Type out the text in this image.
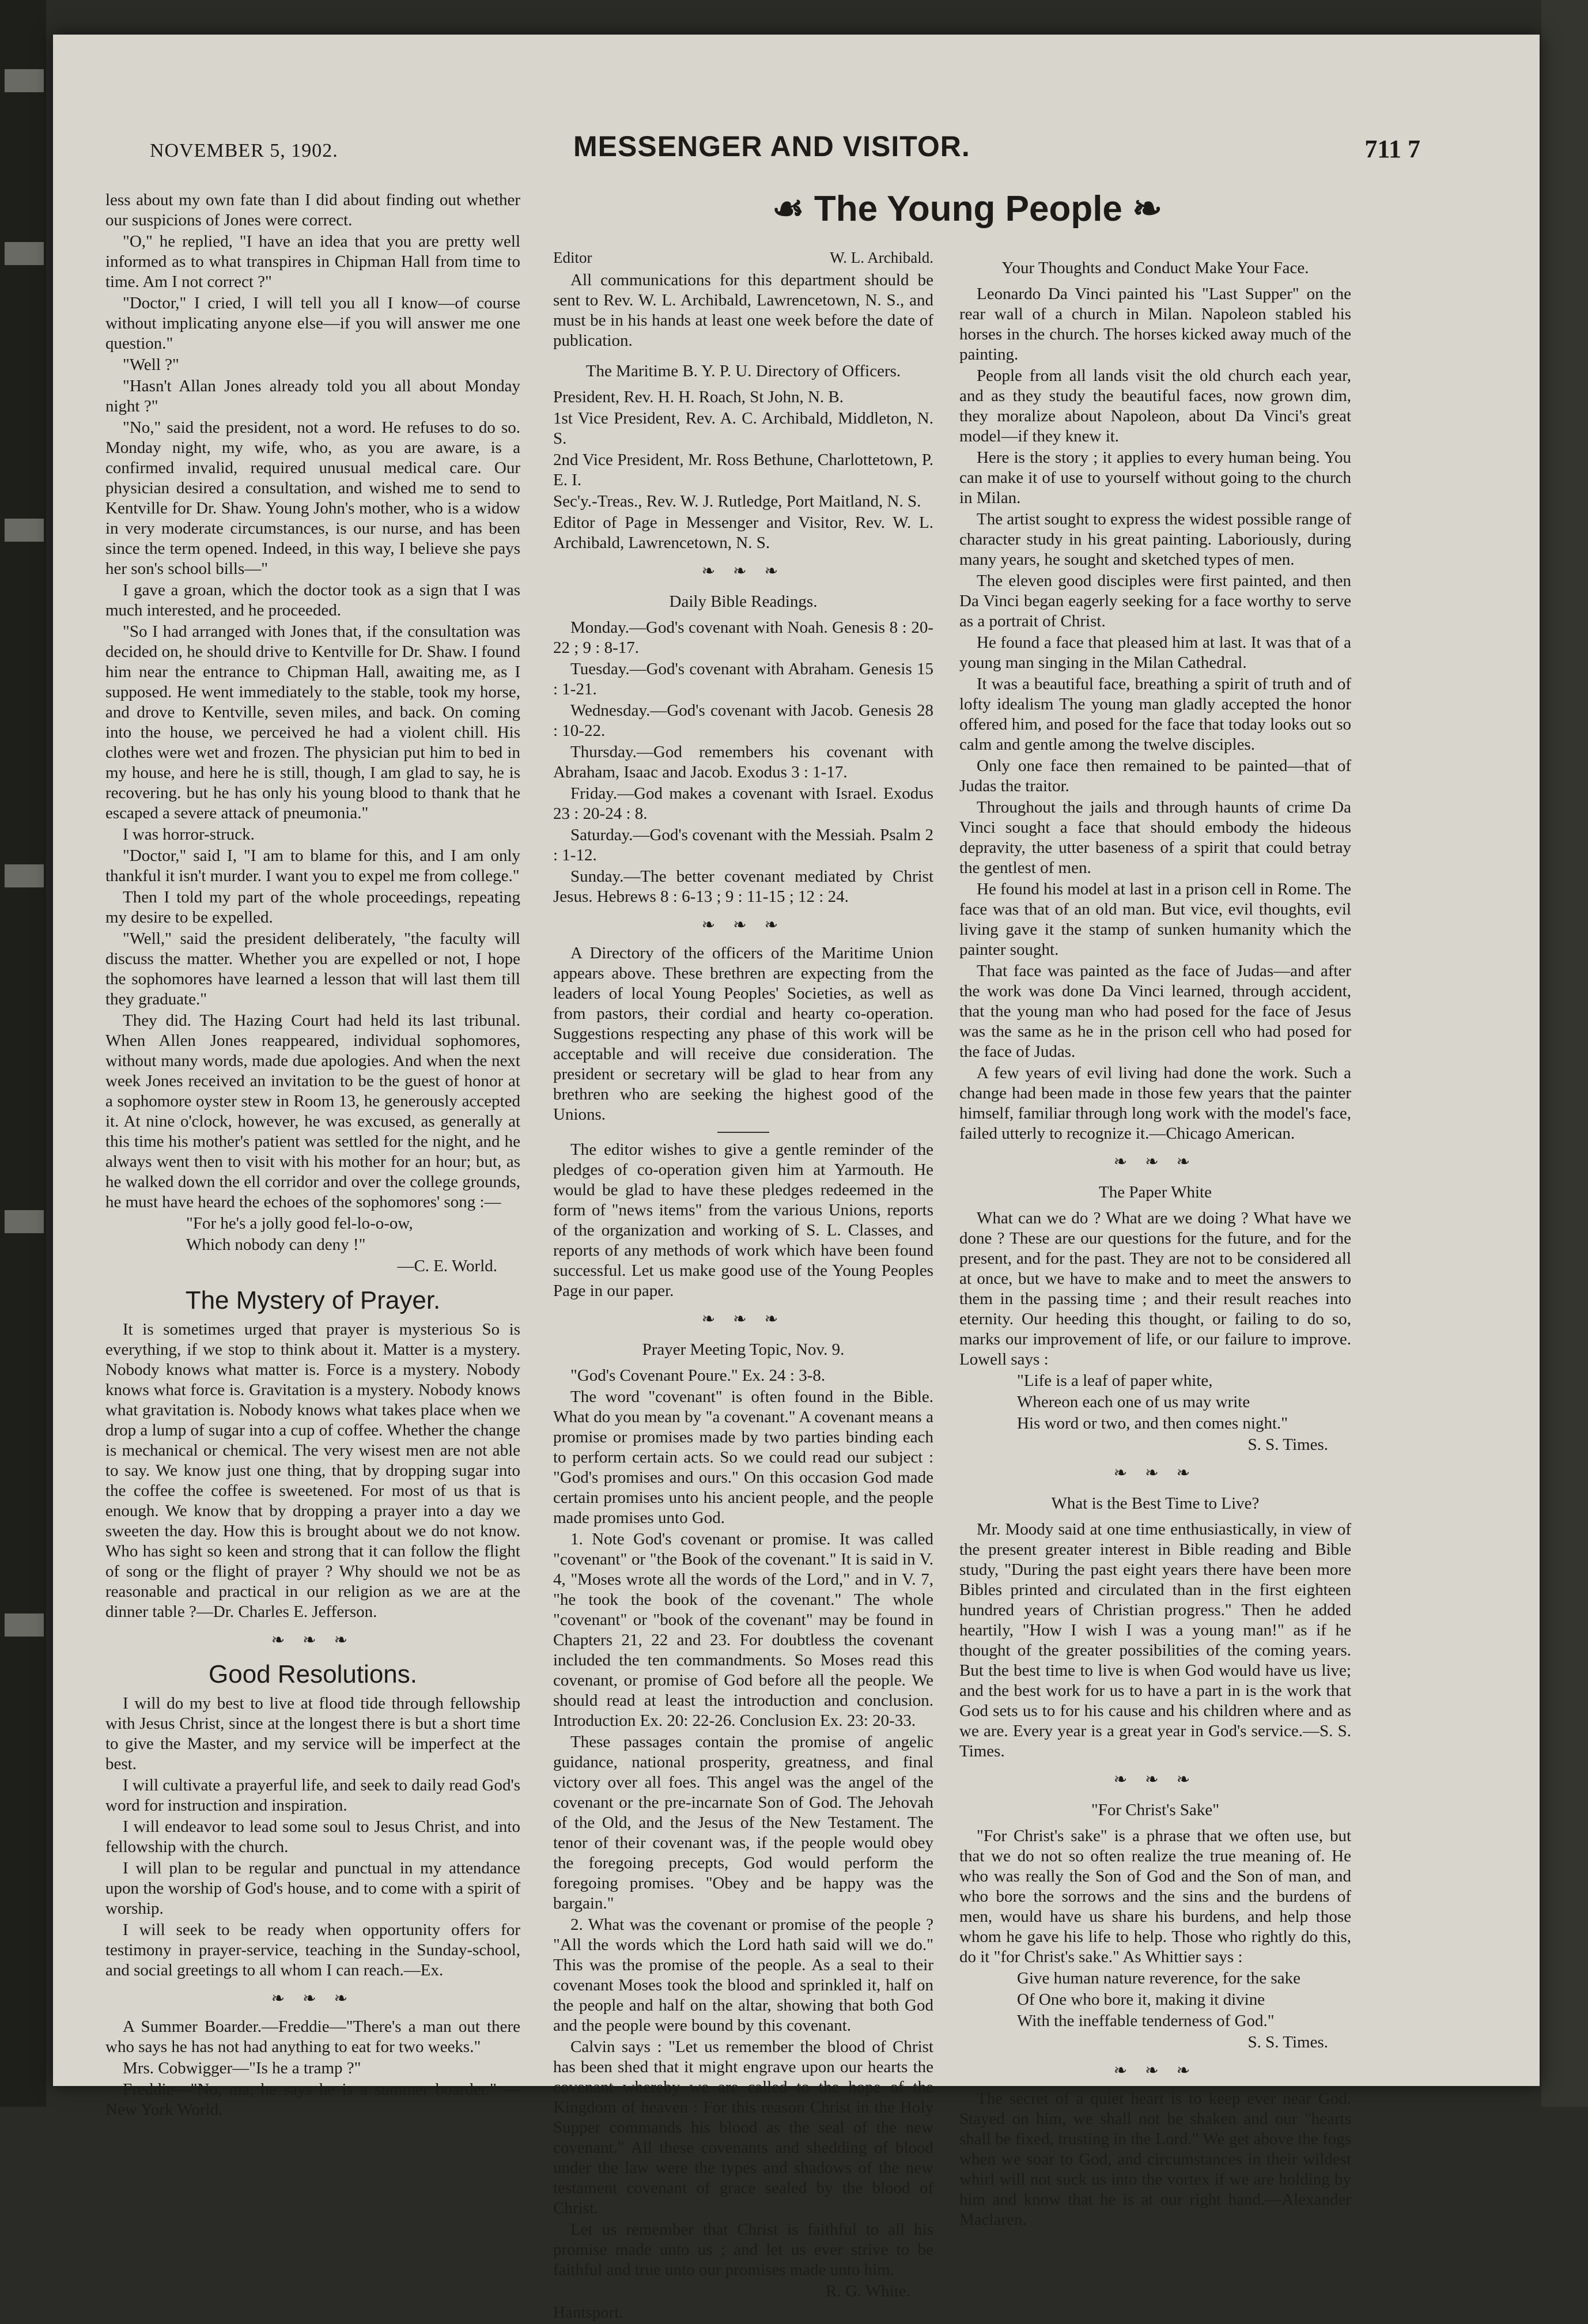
NOVEMBER 5, 1902.	MESSENGER AND VISITOR.	711 7
☙ The Young People ❧

less about my own fate than I did about finding out whether our suspicions of Jones were correct.

"O," he replied, "I have an idea that you are pretty well informed as to what transpires in Chipman Hall from time to time. Am I not correct ?"

"Doctor," I cried, I will tell you all I know—of course without implicating anyone else—if you will answer me one question."

"Well ?"

"Hasn't Allan Jones already told you all about Monday night ?"

"No," said the president, not a word. He refuses to do so. Monday night, my wife, who, as you are aware, is a confirmed invalid, required unusual medical care. Our physician desired a consultation, and wished me to send to Kentville for Dr. Shaw. Young John's mother, who is a widow in very moderate circumstances, is our nurse, and has been since the term opened. Indeed, in this way, I believe she pays her son's school bills—"

I gave a groan, which the doctor took as a sign that I was much interested, and he proceeded.

"So I had arranged with Jones that, if the consultation was decided on, he should drive to Kentville for Dr. Shaw. I found him near the entrance to Chipman Hall, awaiting me, as I supposed. He went immediately to the stable, took my horse, and drove to Kentville, seven miles, and back. On coming into the house, we perceived he had a violent chill. His clothes were wet and frozen. The physician put him to bed in my house, and here he is still, though, I am glad to say, he is recovering. but he has only his young blood to thank that he escaped a severe attack of pneumonia."

I was horror-struck.

"Doctor," said I, "I am to blame for this, and I am only thankful it isn't murder. I want you to expel me from college."

Then I told my part of the whole proceedings, repeating my desire to be expelled.

"Well," said the president deliberately, "the faculty will discuss the matter. Whether you are expelled or not, I hope the sophomores have learned a lesson that will last them till they graduate."

They did. The Hazing Court had held its last tribunal. When Allen Jones reappeared, individual sophomores, without many words, made due apologies. And when the next week Jones received an invitation to be the guest of honor at a sophomore oyster stew in Room 13, he generously accepted it. At nine o'clock, however, he was excused, as generally at this time his mother's patient was settled for the night, and he always went then to visit with his mother for an hour; but, as he walked down the ell corridor and over the college grounds, he must have heard the echoes of the sophomores' song :—

"For he's a jolly good fel-lo-o-ow,

Which nobody can deny !"

—C. E. World.

The Mystery of Prayer.

It is sometimes urged that prayer is mysterious So is everything, if we stop to think about it. Matter is a mystery. Nobody knows what matter is. Force is a mystery. Nobody knows what force is. Gravitation is a mystery. Nobody knows what gravitation is. Nobody knows what takes place when we drop a lump of sugar into a cup of coffee. Whether the change is mechanical or chemical. The very wisest men are not able to say. We know just one thing, that by dropping sugar into the coffee the coffee is sweetened. For most of us that is enough. We know that by dropping a prayer into a day we sweeten the day. How this is brought about we do not know. Who has sight so keen and strong that it can follow the flight of song or the flight of prayer ? Why should we not be as reasonable and practical in our religion as we are at the dinner table ?—Dr. Charles E. Jefferson.

❧ ❧ ❧
Good Resolutions.

I will do my best to live at flood tide through fellowship with Jesus Christ, since at the longest there is but a short time to give the Master, and my service will be imperfect at the best.

I will cultivate a prayerful life, and seek to daily read God's word for instruction and inspiration.

I will endeavor to lead some soul to Jesus Christ, and into fellowship with the church.

I will plan to be regular and punctual in my attendance upon the worship of God's house, and to come with a spirit of worship.

I will seek to be ready when opportunity offers for testimony in prayer-service, teaching in the Sunday-school, and social greetings to all whom I can reach.—Ex.

❧ ❧ ❧

A Summer Boarder.—Freddie—"There's a man out there who says he has not had anything to eat for two weeks."

Mrs. Cobwigger—"Is he a tramp ?"

Freddie—"No, ma, he says he is a summer boarder." —New York World.

Editor	W. L. Archibald.

All communications for this department should be sent to Rev. W. L. Archibald, Lawrencetown, N. S., and must be in his hands at least one week before the date of publication.

The Maritime B. Y. P. U. Directory of Officers.

President, Rev. H. H. Roach, St John, N. B.

1st Vice President, Rev. A. C. Archibald, Middleton, N. S.

2nd Vice President, Mr. Ross Bethune, Charlottetown, P. E. I.

Sec'y.-Treas., Rev. W. J. Rutledge, Port Maitland, N. S.

Editor of Page in Messenger and Visitor, Rev. W. L. Archibald, Lawrencetown, N. S.

❧ ❧ ❧
Daily Bible Readings.

Monday.—God's covenant with Noah. Genesis 8 : 20-22 ; 9 : 8-17.

Tuesday.—God's covenant with Abraham. Genesis 15 : 1-21.

Wednesday.—God's covenant with Jacob. Genesis 28 : 10-22.

Thursday.—God remembers his covenant with Abraham, Isaac and Jacob. Exodus 3 : 1-17.

Friday.—God makes a covenant with Israel. Exodus 23 : 20-24 : 8.

Saturday.—God's covenant with the Messiah. Psalm 2 : 1-12.

Sunday.—The better covenant mediated by Christ Jesus. Hebrews 8 : 6-13 ; 9 : 11-15 ; 12 : 24.

❧ ❧ ❧

A Directory of the officers of the Maritime Union appears above. These brethren are expecting from the leaders of local Young Peoples' Societies, as well as from pastors, their cordial and hearty co-operation. Suggestions respecting any phase of this work will be acceptable and will receive due consideration. The president or secretary will be glad to hear from any brethren who are seeking the highest good of the Unions.

The editor wishes to give a gentle reminder of the pledges of co-operation given him at Yarmouth. He would be glad to have these pledges redeemed in the form of "news items" from the various Unions, reports of the organization and working of S. L. Classes, and reports of any methods of work which have been found successful. Let us make good use of the Young Peoples Page in our paper.

❧ ❧ ❧
Prayer Meeting Topic, Nov. 9.

"God's Covenant Poure." Ex. 24 : 3-8.

The word "covenant" is often found in the Bible. What do you mean by "a covenant." A covenant means a promise or promises made by two parties binding each to perform certain acts. So we could read our subject : "God's promises and ours." On this occasion God made certain promises unto his ancient people, and the people made promises unto God.

1. Note God's covenant or promise. It was called "covenant" or "the Book of the covenant." It is said in V. 4, "Moses wrote all the words of the Lord," and in V. 7, "he took the book of the covenant." The whole "covenant" or "book of the covenant" may be found in Chapters 21, 22 and 23. For doubtless the covenant included the ten commandments. So Moses read this covenant, or promise of God before all the people. We should read at least the introduction and conclusion. Introduction Ex. 20: 22-26. Conclusion Ex. 23: 20-33.

These passages contain the promise of angelic guidance, national prosperity, greatness, and final victory over all foes. This angel was the angel of the covenant or the pre-incarnate Son of God. The Jehovah of the Old, and the Jesus of the New Testament. The tenor of their covenant was, if the people would obey the foregoing precepts, God would perform the foregoing promises. "Obey and be happy was the bargain."

2. What was the covenant or promise of the people ? "All the words which the Lord hath said will we do." This was the promise of the people. As a seal to their covenant Moses took the blood and sprinkled it, half on the people and half on the altar, showing that both God and the people were bound by this covenant.

Calvin says : "Let us remember the blood of Christ has been shed that it might engrave upon our hearts the covenant whereby we are called to the hope of the Kingdom of heaven : For this reason Christ in the Holy Supper commands his blood as the seal of the new covenant." All these covenants and shedding of blood under the law were the types and shadows of the new testament covenant of grace sealed by the blood of Christ.

Let us remember that Christ is faithful to all his promise made unto us ; and let us ever strive to be faithful and true unto our promises made unto him.

R. G. White.

Hantsport.

Your Thoughts and Conduct Make Your Face.

Leonardo Da Vinci painted his "Last Supper" on the rear wall of a church in Milan. Napoleon stabled his horses in the church. The horses kicked away much of the painting.

People from all lands visit the old church each year, and as they study the beautiful faces, now grown dim, they moralize about Napoleon, about Da Vinci's great model—if they knew it.

Here is the story ; it applies to every human being. You can make it of use to yourself without going to the church in Milan.

The artist sought to express the widest possible range of character study in his great painting. Laboriously, during many years, he sought and sketched types of men.

The eleven good disciples were first painted, and then Da Vinci began eagerly seeking for a face worthy to serve as a portrait of Christ.

He found a face that pleased him at last. It was that of a young man singing in the Milan Cathedral.

It was a beautiful face, breathing a spirit of truth and of lofty idealism The young man gladly accepted the honor offered him, and posed for the face that today looks out so calm and gentle among the twelve disciples.

Only one face then remained to be painted—that of Judas the traitor.

Throughout the jails and through haunts of crime Da Vinci sought a face that should embody the hideous depravity, the utter baseness of a spirit that could betray the gentlest of men.

He found his model at last in a prison cell in Rome. The face was that of an old man. But vice, evil thoughts, evil living gave it the stamp of sunken humanity which the painter sought.

That face was painted as the face of Judas—and after the work was done Da Vinci learned, through accident, that the young man who had posed for the face of Jesus was the same as he in the prison cell who had posed for the face of Judas.

A few years of evil living had done the work. Such a change had been made in those few years that the painter himself, familiar through long work with the model's face, failed utterly to recognize it.—Chicago American.

❧ ❧ ❧
The Paper White

What can we do ? What are we doing ? What have we done ? These are our questions for the future, and for the present, and for the past. They are not to be considered all at once, but we have to make and to meet the answers to them in the passing time ; and their result reaches into eternity. Our heeding this thought, or failing to do so, marks our improvement of life, or our failure to improve. Lowell says :

"Life is a leaf of paper white,

Whereon each one of us may write

His word or two, and then comes night."

S. S. Times.

❧ ❧ ❧
What is the Best Time to Live?

Mr. Moody said at one time enthusiastically, in view of the present greater interest in Bible reading and Bible study, "During the past eight years there have been more Bibles printed and circulated than in the first eighteen hundred years of Christian progress." Then he added heartily, "How I wish I was a young man!" as if he thought of the greater possibilities of the coming years. But the best time to live is when God would have us live; and the best work for us to have a part in is the work that God sets us to for his cause and his children where and as we are. Every year is a great year in God's service.—S. S. Times.

❧ ❧ ❧
"For Christ's Sake"

"For Christ's sake" is a phrase that we often use, but that we do not so often realize the true meaning of. He who was really the Son of God and the Son of man, and who bore the sorrows and the sins and the burdens of men, would have us share his burdens, and help those whom he gave his life to help. Those who rightly do this, do it "for Christ's sake." As Whittier says :

Give human nature reverence, for the sake

Of One who bore it, making it divine

With the ineffable tenderness of God."

S. S. Times.

❧ ❧ ❧

The secret of a quiet heart is to keep ever near God. Stayed on him, we shall not be shaken and our "hearts shall be fixed, trusting in the Lord." We get above the fogs when we soar to God, and circumstances in their wildest whirl will not suck us into the vortex if we are holding by him and know that he is at our right hand.—Alexander Maclaren.
